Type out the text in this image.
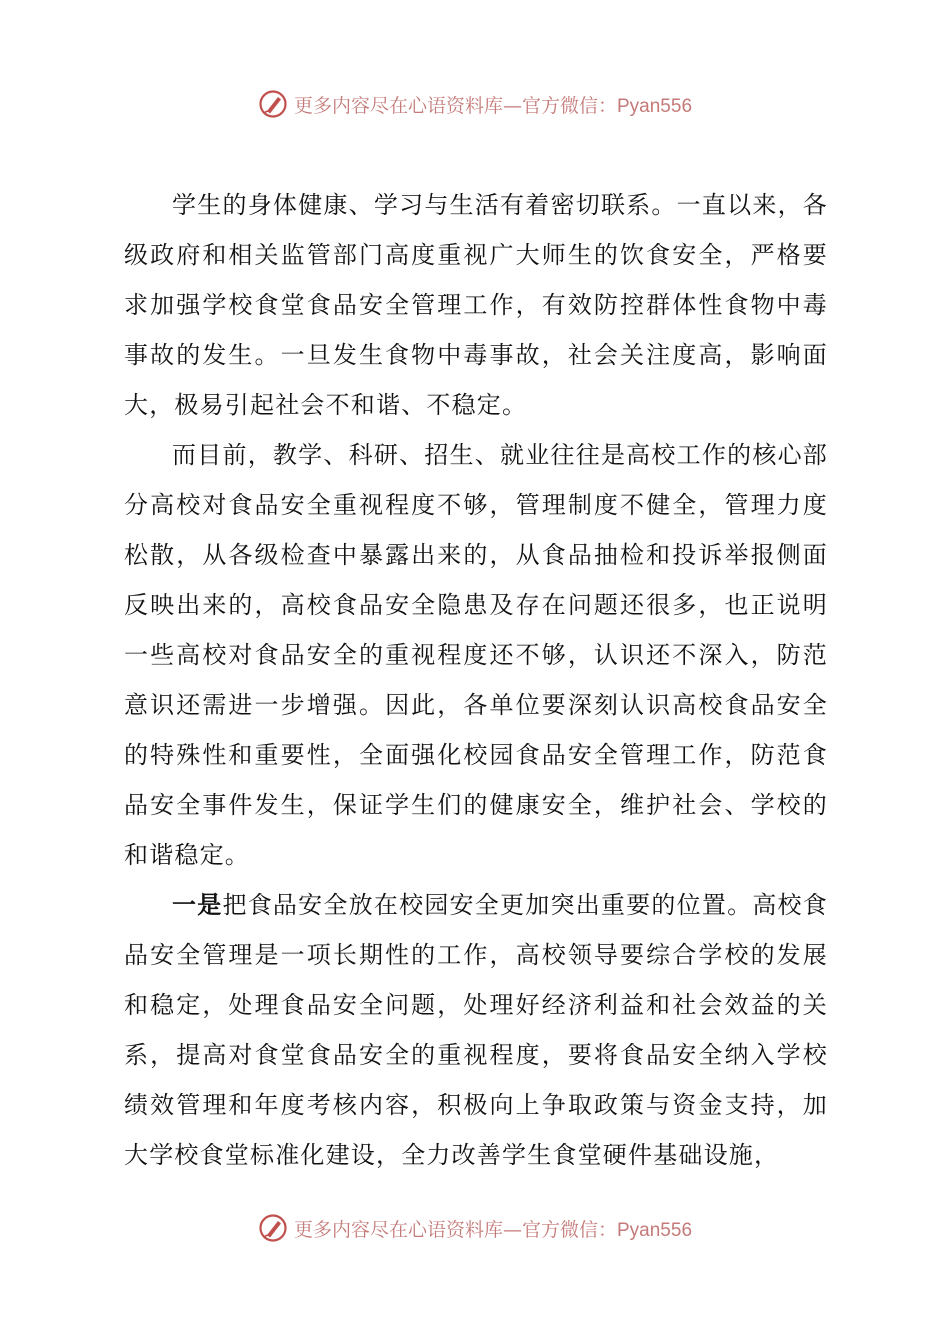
更多内容尽在心语资料库—官方微信：Pyan556

学生的身体健康、学习与生活有着密切联系。一直以来，各级政府和相关监管部门高度重视广大师生的饮食安全，严格要求加强学校食堂食品安全管理工作，有效防控群体性食物中毒事故的发生。一旦发生食物中毒事故，社会关注度高，影响面大，极易引起社会不和谐、不稳定。

而目前，教学、科研、招生、就业往往是高校工作的核心部分高校对食品安全重视程度不够，管理制度不健全，管理力度松散，从各级检查中暴露出来的，从食品抽检和投诉举报侧面反映出来的，高校食品安全隐患及存在问题还很多，也正说明一些高校对食品安全的重视程度还不够，认识还不深入，防范意识还需进一步增强。因此，各单位要深刻认识高校食品安全的特殊性和重要性，全面强化校园食品安全管理工作，防范食品安全事件发生，保证学生们的健康安全，维护社会、学校的和谐稳定。

一是把食品安全放在校园安全更加突出重要的位置。高校食品安全管理是一项长期性的工作，高校领导要综合学校的发展和稳定，处理食品安全问题，处理好经济利益和社会效益的关系，提高对食堂食品安全的重视程度，要将食品安全纳入学校绩效管理和年度考核内容，积极向上争取政策与资金支持，加大学校食堂标准化建设，全力改善学生食堂硬件基础设施，

更多内容尽在心语资料库—官方微信：Pyan556
